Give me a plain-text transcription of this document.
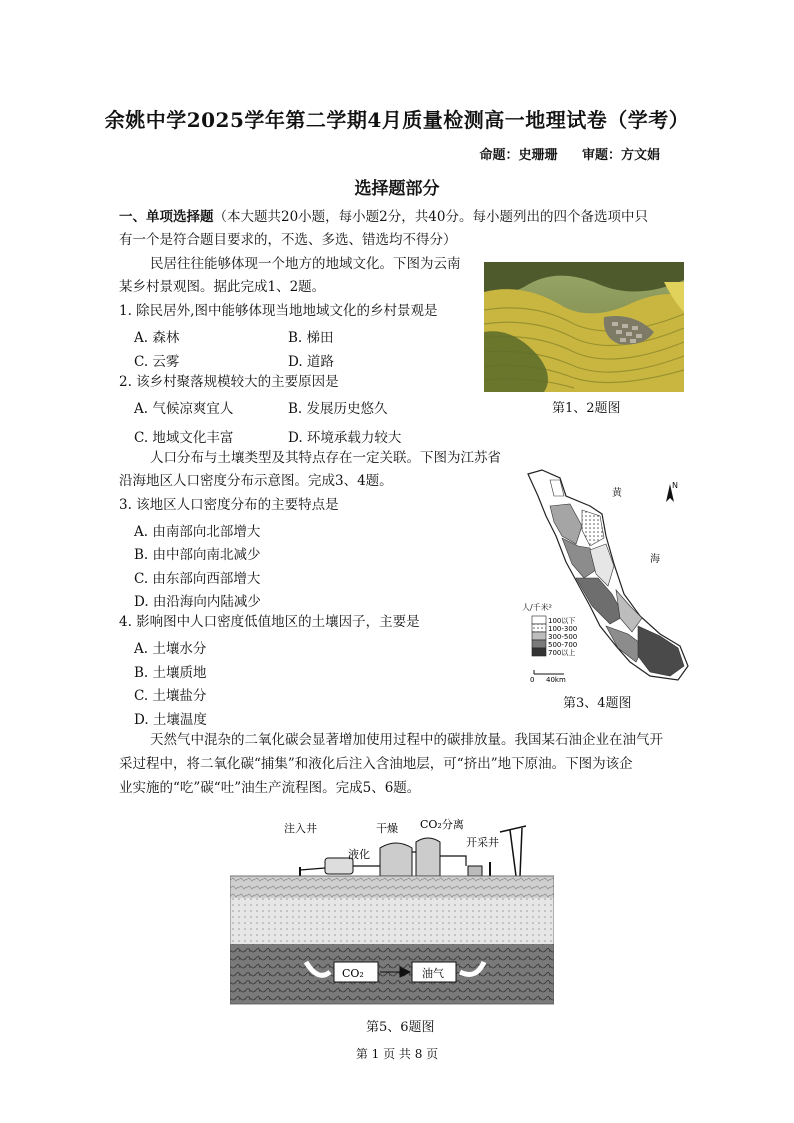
余姚中学2025学年第二学期4月质量检测高一地理试卷（学考）
命题：史珊珊 审题：方文娟
选择题部分
一、单项选择题（本大题共20小题，每小题2分，共40分。每小题列出的四个备选项中只
有一个是符合题目要求的，不选、多选、错选均不得分）
民居往往能够体现一个地方的地域文化。下图为云南
某乡村景观图。据此完成1、2题。
1. 除民居外,图中能够体现当地地域文化的乡村景观是
A. 森林	B. 梯田
C. 云雾	D. 道路
2. 该乡村聚落规模较大的主要原因是
A. 气候凉爽宜人	B. 发展历史悠久
C. 地域文化丰富	D. 环境承载力较大
第1、2题图
人口分布与土壤类型及其特点存在一定关联。下图为江苏省
沿海地区人口密度分布示意图。完成3、4题。
3. 该地区人口密度分布的主要特点是
A. 由南部向北部增大
B. 由中部向南北减少
C. 由东部向西部增大
D. 由沿海向内陆减少
4. 影响图中人口密度低值地区的土壤因子，主要是
A. 土壤水分
B. 土壤质地
C. 土壤盐分
D. 土壤温度
黄
海
N
人/千米²
100以下
100-300
300-500
500-700
700以上
0 40km
第3、4题图
天然气中混杂的二氧化碳会显著增加使用过程中的碳排放量。我国某石油企业在油气开
采过程中，将二氧化碳“捕集”和液化后注入含油地层，可“挤出”地下原油。下图为该企
业实施的“吃”碳“吐”油生产流程图。完成5、6题。
注入井
液化
干燥 CO₂分离
开采井
CO₂	油气
第5、6题图
第 1 页 共 8 页
